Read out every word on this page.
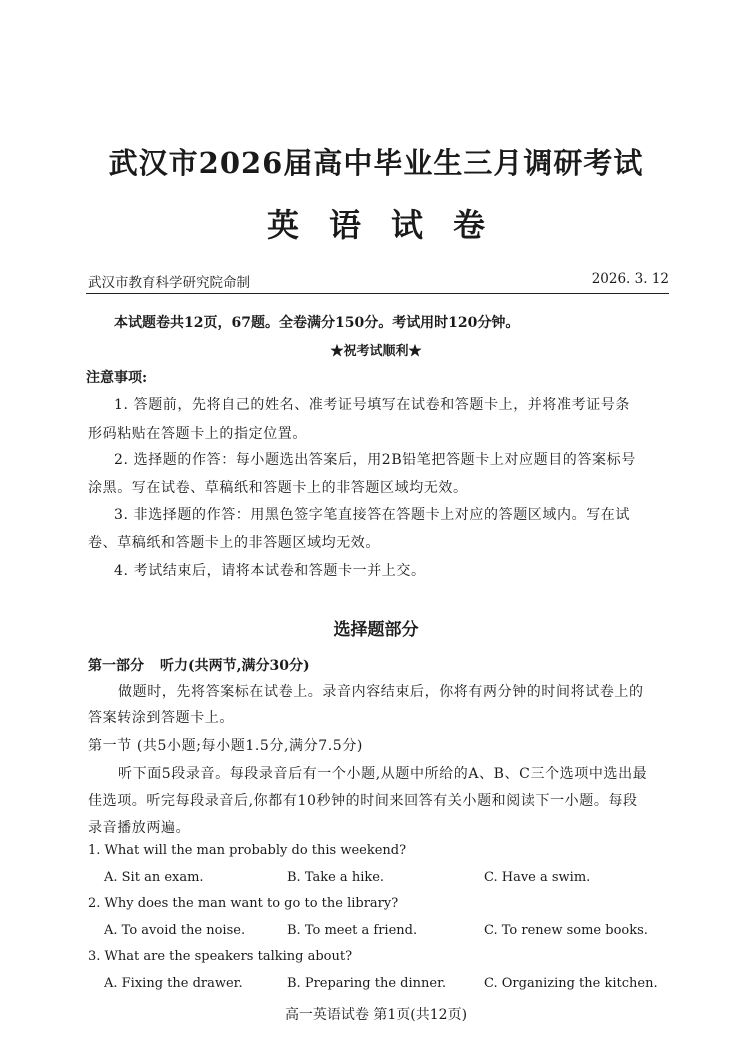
武汉市2026届高中毕业生三月调研考试
英语试卷
武汉市教育科学研究院命制	2026. 3. 12
本试题卷共12页，67题。全卷满分150分。考试用时120分钟。
★祝考试顺利★
注意事项:
1. 答题前，先将自己的姓名、准考证号填写在试卷和答题卡上，并将准考证号条
形码粘贴在答题卡上的指定位置。
2. 选择题的作答：每小题选出答案后，用2B铅笔把答题卡上对应题目的答案标号
涂黑。写在试卷、草稿纸和答题卡上的非答题区域均无效。
3. 非选择题的作答：用黑色签字笔直接答在答题卡上对应的答题区域内。写在试
卷、草稿纸和答题卡上的非答题区域均无效。
4. 考试结束后，请将本试卷和答题卡一并上交。
选择题部分
第一部分 听力(共两节,满分30分)
做题时，先将答案标在试卷上。录音内容结束后，你将有两分钟的时间将试卷上的
答案转涂到答题卡上。
第一节 (共5小题;每小题1.5分,满分7.5分)
听下面5段录音。每段录音后有一个小题,从题中所给的A、B、C三个选项中选出最
佳选项。听完每段录音后,你都有10秒钟的时间来回答有关小题和阅读下一小题。每段
录音播放两遍。
1. What will the man probably do this weekend?
A. Sit an exam.	B. Take a hike.	C. Have a swim.
2. Why does the man want to go to the library?
A. To avoid the noise.	B. To meet a friend.	C. To renew some books.
3. What are the speakers talking about?
A. Fixing the drawer.	B. Preparing the dinner.	C. Organizing the kitchen.
高一英语试卷 第1页(共12页)
